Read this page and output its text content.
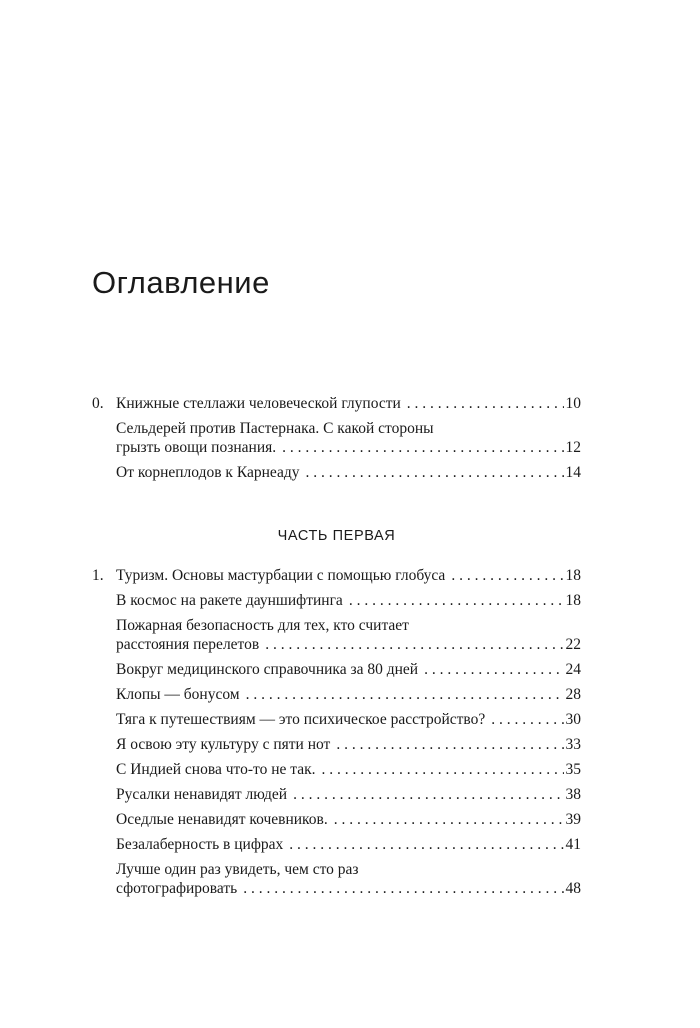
Оглавление
0. Книжные стеллажи человеческой глупости . . .	10
Сельдерей против Пастернака. С какой стороны
грызть овощи познания. . . .	12
От корнеплодов к Карнеаду . . .	14
ЧАСТЬ ПЕРВАЯ
1. Туризм. Основы мастурбации с помощью глобуса . . .	18
В космос на ракете дауншифтинга . . .	18
Пожарная безопасность для тех, кто считает
расстояния перелетов . . .	22
Вокруг медицинского справочника за 80 дней . . .	24
Клопы — бонусом . . .	28
Тяга к путешествиям — это психическое расстройство? . . .	30
Я освою эту культуру с пяти нот . . .	33
С Индией снова что-то не так. . . .	35
Русалки ненавидят людей . . .	38
Оседлые ненавидят кочевников. . . .	39
Безалаберность в цифрах . . .	41
Лучше один раз увидеть, чем сто раз
сфотографировать . . .	48
